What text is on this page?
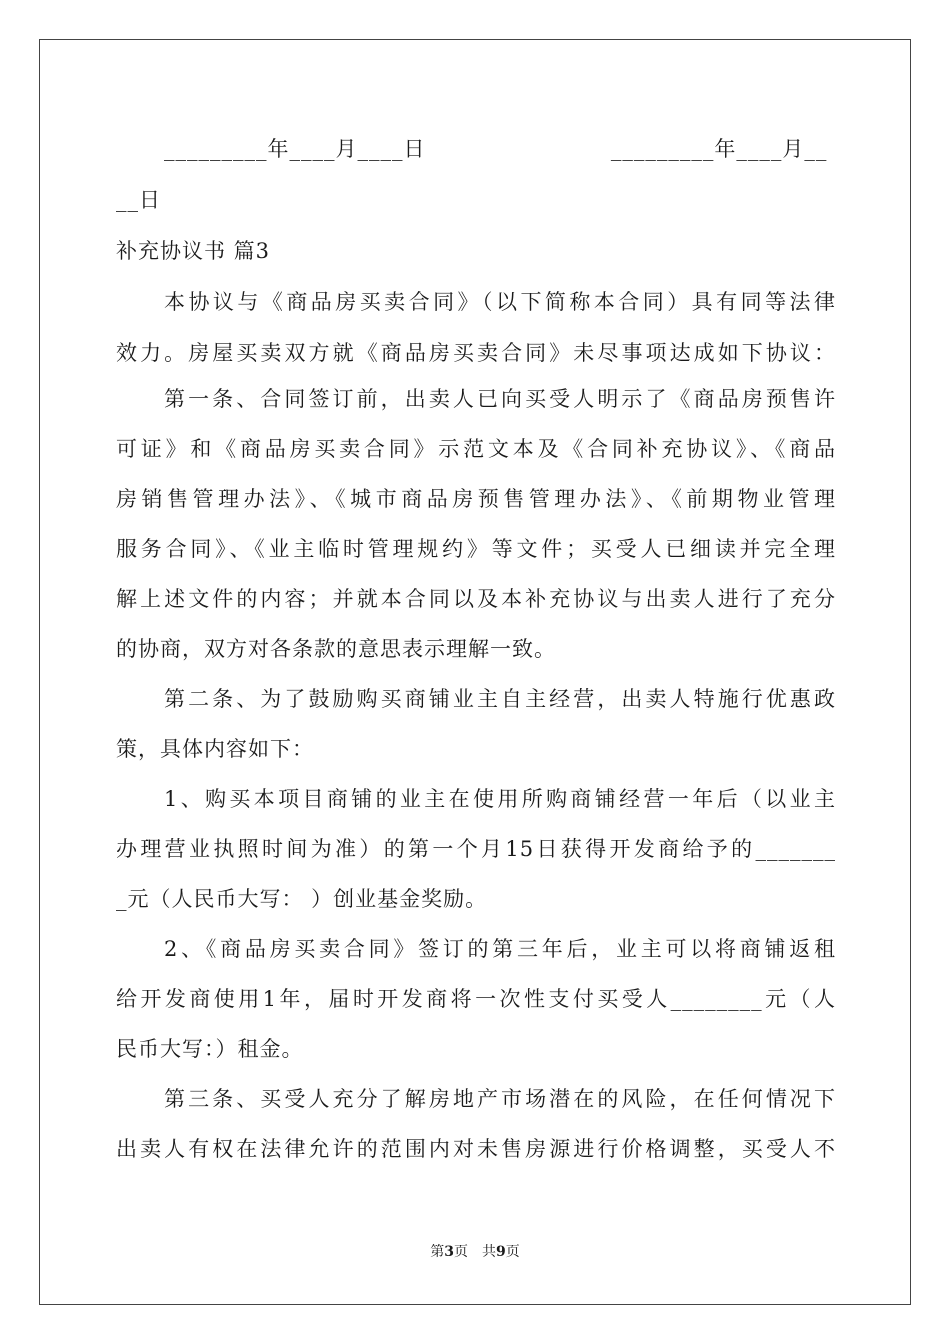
_________年____月____日	_________年____月__
__日
补充协议书 篇3
本协议与《商品房买卖合同》（以下简称本合同）具有同等法律
效力。房屋买卖双方就《商品房买卖合同》未尽事项达成如下协议：
第一条、合同签订前，出卖人已向买受人明示了《商品房预售许
可证》和《商品房买卖合同》示范文本及《合同补充协议》、《商品
房销售管理办法》、《城市商品房预售管理办法》、《前期物业管理
服务合同》、《业主临时管理规约》等文件；买受人已细读并完全理
解上述文件的内容；并就本合同以及本补充协议与出卖人进行了充分
的协商，双方对各条款的意思表示理解一致。
第二条、为了鼓励购买商铺业主自主经营，出卖人特施行优惠政
策，具体内容如下：
1、购买本项目商铺的业主在使用所购商铺经营一年后（以业主
办理营业执照时间为准）的第一个月15日获得开发商给予的_______
_元（人民币大写： ）创业基金奖励。
2、《商品房买卖合同》签订的第三年后，业主可以将商铺返租
给开发商使用1年，届时开发商将一次性支付买受人________元（人
民币大写：）租金。
第三条、买受人充分了解房地产市场潜在的风险，在任何情况下
出卖人有权在法律允许的范围内对未售房源进行价格调整，买受人不
第3页　共9页
